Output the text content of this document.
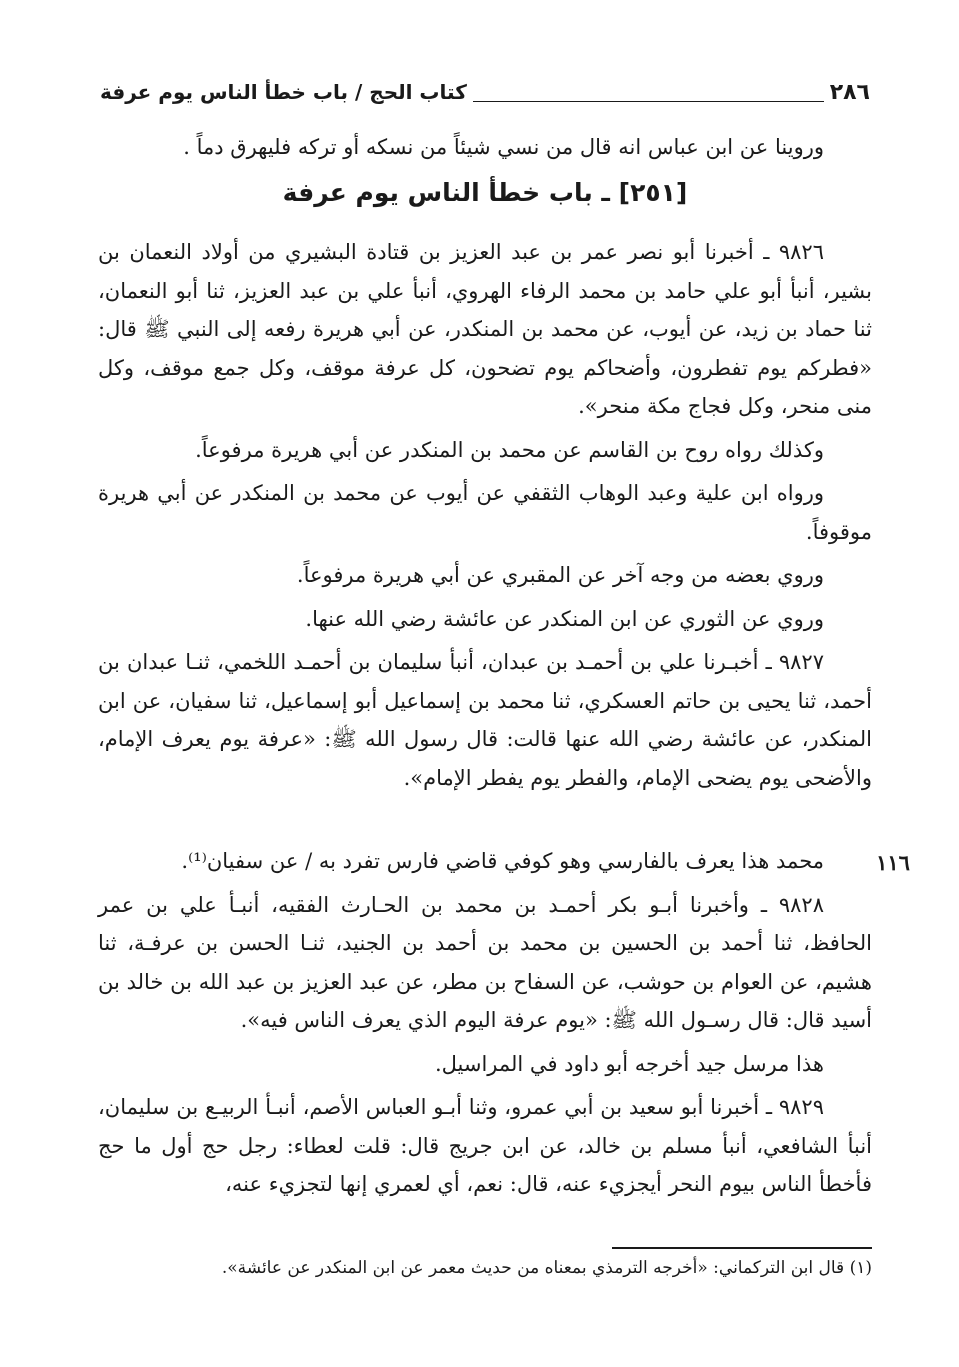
٢٨٦
كتاب الحج / باب خطأ الناس يوم عرفة

وروينا عن ابن عباس انه قال من نسي شيئاً من نسكه أو تركه فليهرق دماً .

[٢٥١] ـ باب خطأ الناس يوم عرفة

٩٨٢٦ ـ أخبرنا أبو نصر عمر بن عبد العزيز بن قتادة البشيري من أولاد النعمان بن بشير، أنبأ أبو علي حامد بن محمد الرفاء الهروي، أنبأ علي بن عبد العزيز، ثنا أبو النعمان، ثنا حماد بن زيد، عن أيوب، عن محمد بن المنكدر، عن أبي هريرة رفعه إلى النبي ﷺ قال: «فطركم يوم تفطرون، وأضحاكم يوم تضحون، كل عرفة موقف، وكل جمع موقف، وكل منى منحر، وكل فجاج مكة منحر».

وكذلك رواه روح بن القاسم عن محمد بن المنكدر عن أبي هريرة مرفوعاً.

ورواه ابن علية وعبد الوهاب الثقفي عن أيوب عن محمد بن المنكدر عن أبي هريرة موقوفاً.

وروي بعضه من وجه آخر عن المقبري عن أبي هريرة مرفوعاً.

وروي عن الثوري عن ابن المنكدر عن عائشة رضي الله عنها.

٩٨٢٧ ـ أخبـرنا علي بن أحمـد بن عبدان، أنبأ سليمان بن أحمـد اللخمي، ثنـا عبدان بن أحمد، ثنا يحيى بن حاتم العسكري، ثنا محمد بن إسماعيل أبو إسماعيل، ثنا سفيان، عن ابن المنكدر، عن عائشة رضي الله عنها قالت: قال رسول الله ﷺ: «عرفة يوم يعرف الإمام، والأضحى يوم يضحى الإمام، والفطر يوم يفطر الإمام».

١١٦

محمد هذا يعرف بالفارسي وهو كوفي قاضي فارس تفرد به / عن سفيان⁽¹⁾.

٩٨٢٨ ـ وأخبرنا أبـو بكر أحمـد بن محمد بن الحـارث الفقيه، أنبـأ علي بن عمر الحافظ، ثنا أحمد بن الحسين بن محمد بن أحمد بن الجنيد، ثنـا الحسن بن عرفـة، ثنا هشيم، عن العوام بن حوشب، عن السفاح بن مطر، عن عبد العزيز بن عبد الله بن خالد بن أسيد قال: قال رسـول الله ﷺ: «يوم عرفة اليوم الذي يعرف الناس فيه».

هذا مرسل جيد أخرجه أبو داود في المراسيل.

٩٨٢٩ ـ أخبرنا أبو سعيد بن أبي عمرو، وثنا أبـو العباس الأصم، أنبـأ الربيـع بن سليمان، أنبأ الشافعي، أنبأ مسلم بن خالد، عن ابن جريج قال: قلت لعطاء: رجل حج أول ما حج فأخطأ الناس بيوم النحر أيجزيء عنه، قال: نعم، أي لعمري إنها لتجزيء عنه،

(١) قال ابن التركماني: «أخرجه الترمذي بمعناه من حديث معمر عن ابن المنكدر عن عائشة».
